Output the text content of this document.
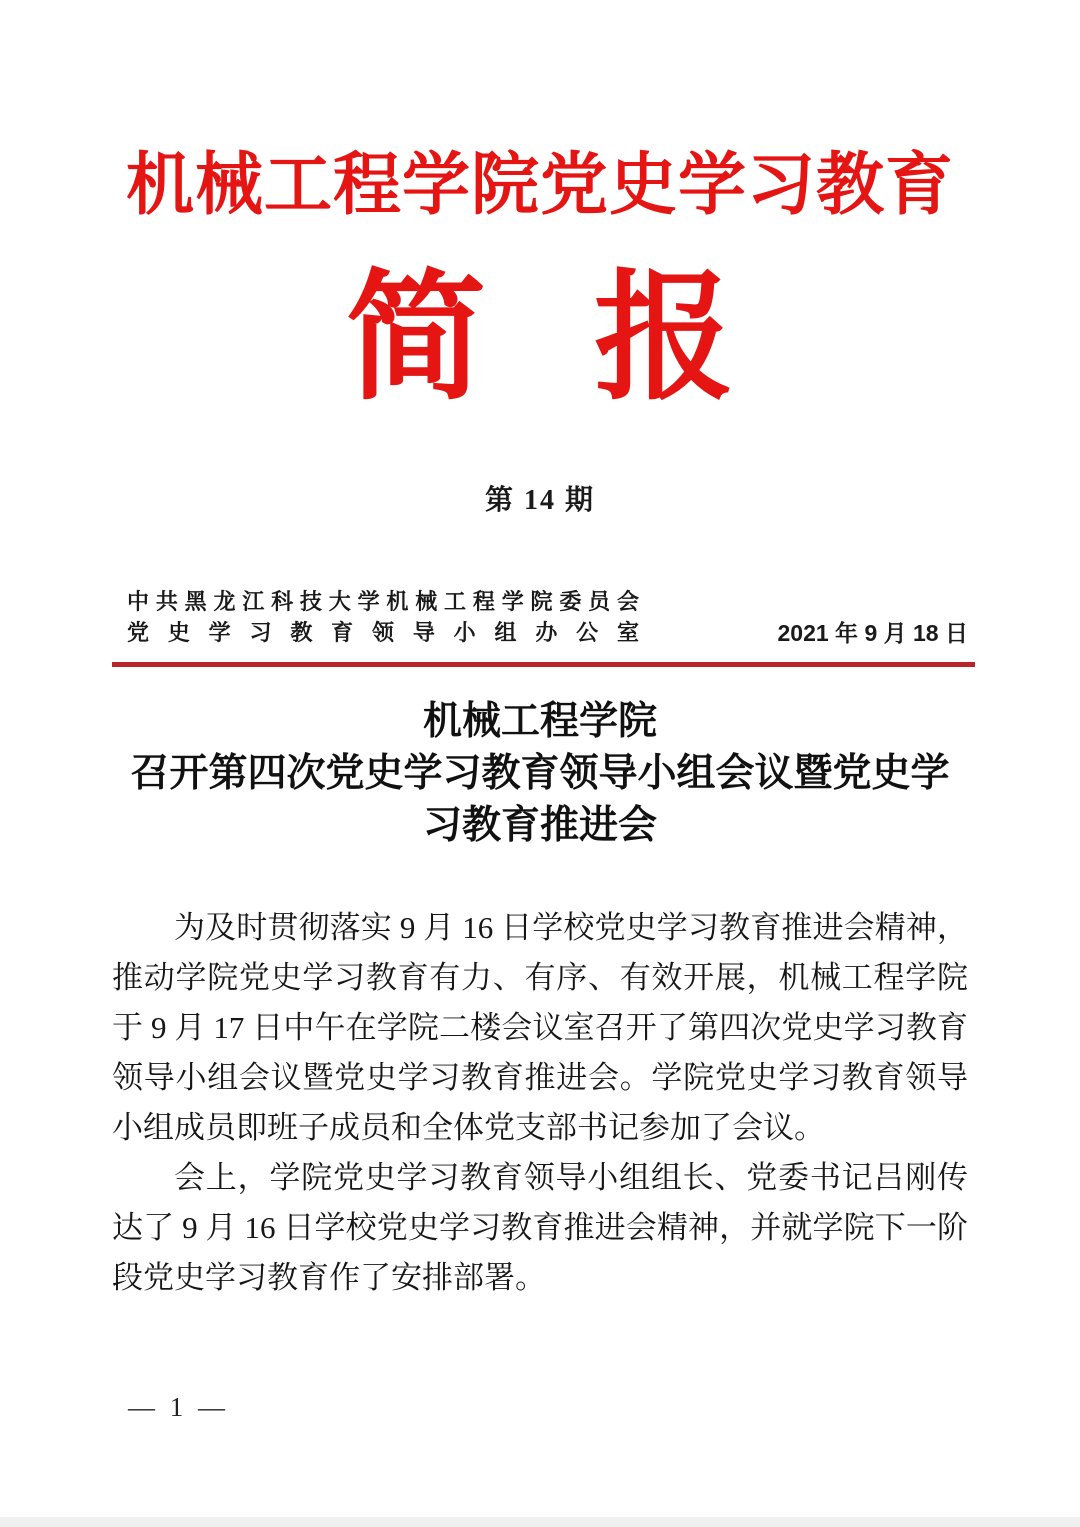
机械工程学院党史学习教育
简 报
第 14 期
中共黑龙江科技大学机械工程学院委员会
党史学习教育领导小组办公室	2021 年 9 月 18 日
机械工程学院
召开第四次党史学习教育领导小组会议暨党史学习教育推进会

为及时贯彻落实 9 月 16 日学校党史学习教育推进会精神，推动学院党史学习教育有力、有序、有效开展，机械工程学院于 9 月 17 日中午在学院二楼会议室召开了第四次党史学习教育领导小组会议暨党史学习教育推进会。学院党史学习教育领导小组成员即班子成员和全体党支部书记参加了会议。

会上，学院党史学习教育领导小组组长、党委书记吕刚传达了 9 月 16 日学校党史学习教育推进会精神，并就学院下一阶段党史学习教育作了安排部署。

— 1 —
